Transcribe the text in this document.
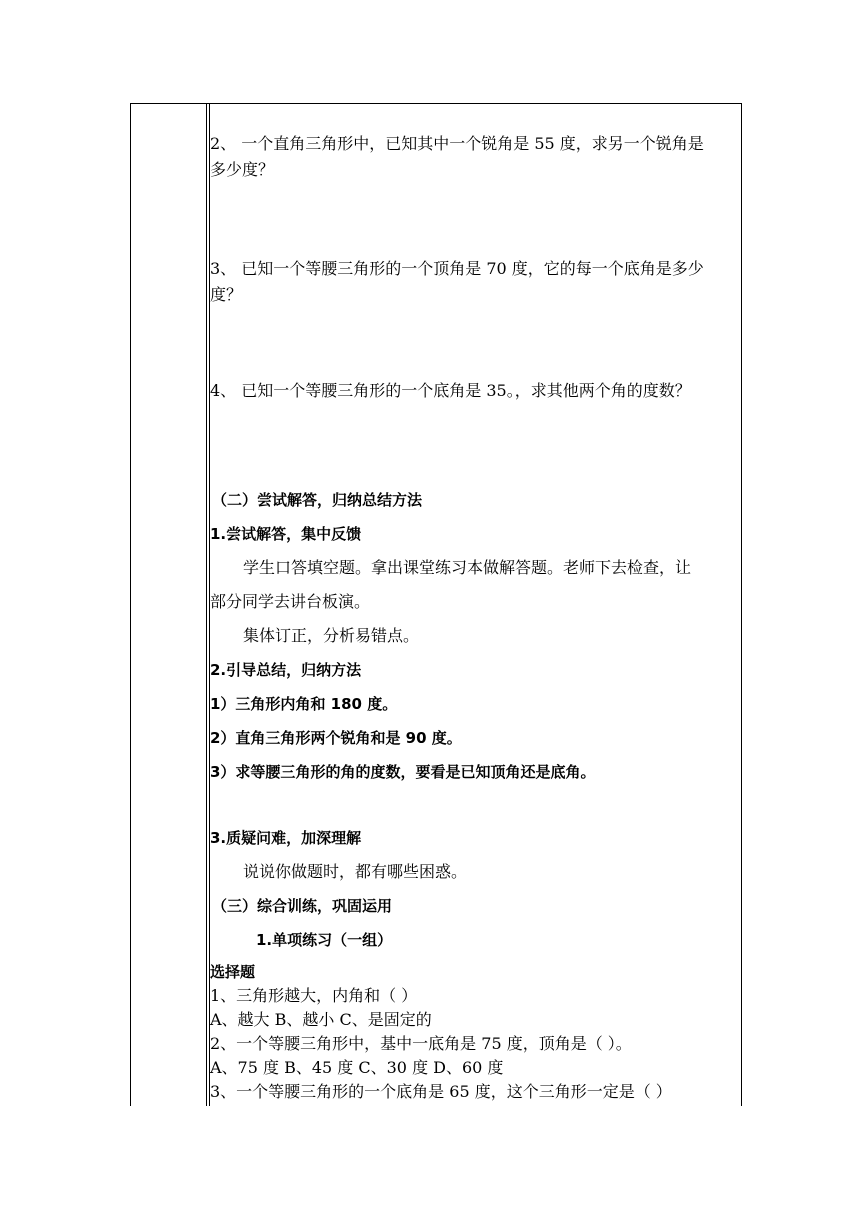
2、 一个直角三角形中，已知其中一个锐角是 55 度，求另一个锐角是
多少度？
3、 已知一个等腰三角形的一个顶角是 70 度，它的每一个底角是多少
度？
4、 已知一个等腰三角形的一个底角是 35。，求其他两个角的度数？
（二）尝试解答，归纳总结方法
1.尝试解答，集中反馈
学生口答填空题。拿出课堂练习本做解答题。老师下去检查，让
部分同学去讲台板演。
集体订正，分析易错点。
2.引导总结，归纳方法
1）三角形内角和 180 度。
2）直角三角形两个锐角和是 90 度。
3）求等腰三角形的角的度数，要看是已知顶角还是底角。
3.质疑问难，加深理解
说说你做题时，都有哪些困惑。
（三）综合训练，巩固运用
1.单项练习（一组）
选择题
1、三角形越大，内角和（ ）
A、越大 B、越小 C、是固定的
2、一个等腰三角形中，基中一底角是 75 度，顶角是（ ）。
A、75 度 B、45 度 C、30 度 D、60 度
3、一个等腰三角形的一个底角是 65 度，这个三角形一定是（ ）
